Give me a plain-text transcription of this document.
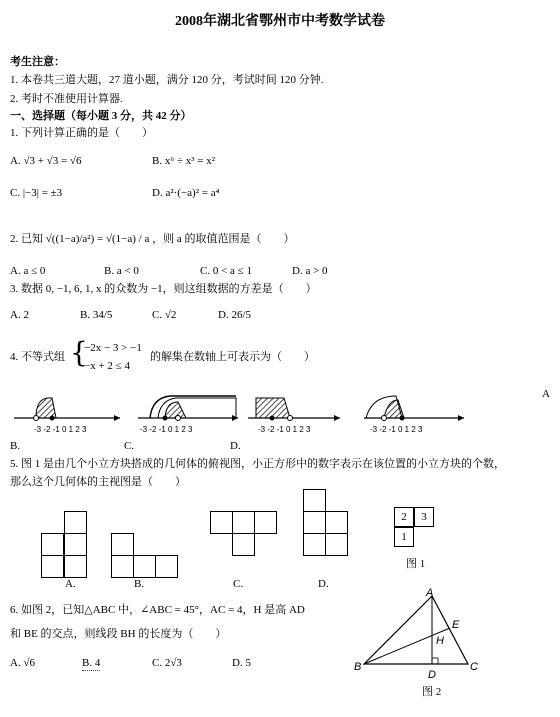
2008年湖北省鄂州市中考数学试卷
考生注意：
1. 本卷共三道大题，27 道小题，满分 120 分，考试时间 120 分钟.
2. 考时不准使用计算器.
一、选择题（每小题 3 分，共 42 分）
1. 下列计算正确的是（　　）
A. √3 + √3 = √6	B. x⁶ ÷ x³ = x²
C. |−3| = ±3	D. a²·(−a)² = a⁴
2. 已知 √((1−a)/a²) = √(1−a) / a ，则 a 的取值范围是（　　）
A. a ≤ 0	B. a < 0	C. 0 < a ≤ 1	D. a > 0
3. 数据 0, −1, 6, 1, x 的众数为 −1，则这组数据的方差是（　　）
A. 2	B. 34/5	C. √2	D. 26/5
4. 不等式组 {
−2x − 3 > −1
−x + 2 ≤ 4
的解集在数轴上可表示为（　　）
A
-3 -2 -1 0 1 2 3	-3 -2 -1 0 1 2 3	-3 -2 -1 0 1 2 3	-3 -2 -1 0 1 2 3
B.	C.	D.
5. 图 1 是由几个小立方块搭成的几何体的俯视图，小正方形中的数字表示在该位置的小立方块的个数，
那么这个几何体的主视图是（　　）
A.	B.	C.	D.
2	3
1
图 1
6. 如图 2，已知△ABC 中，∠ABC = 45°，AC = 4，H 是高 AD
和 BE 的交点，则线段 BH 的长度为（　　）
A. √6	B. 4	C. 2√3	D. 5
A
B	C
D
E
H
图 2
